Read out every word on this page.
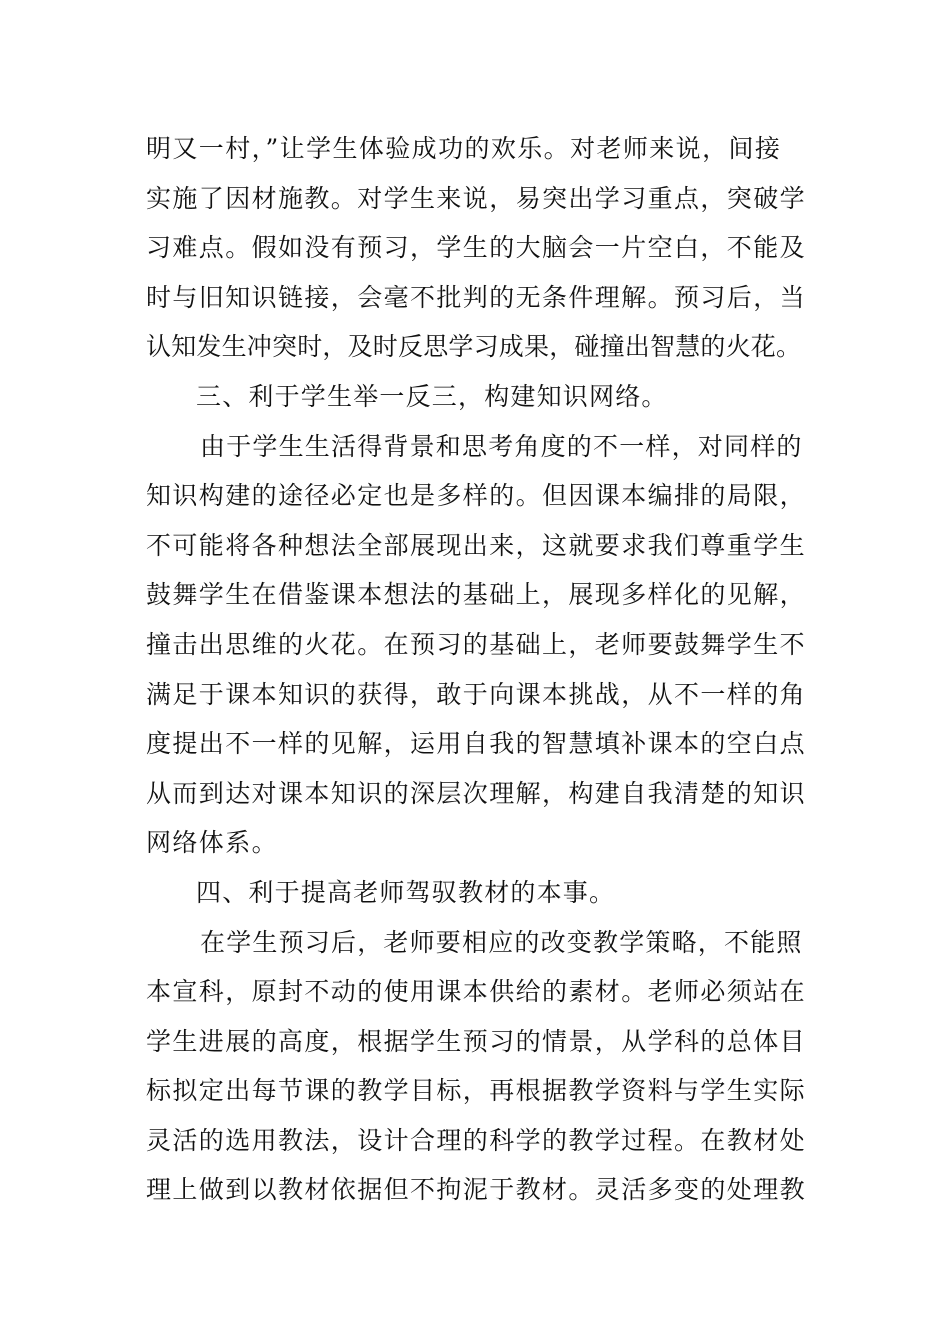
明又一村，”让学生体验成功的欢乐。对老师来说，间接
实施了因材施教。对学生来说，易突出学习重点，突破学
习难点。假如没有预习，学生的大脑会一片空白，不能及
时与旧知识链接，会毫不批判的无条件理解。预习后，当
认知发生冲突时，及时反思学习成果，碰撞出智慧的火花。
三、利于学生举一反三，构建知识网络。
由于学生生活得背景和思考角度的不一样，对同样的
知识构建的途径必定也是多样的。但因课本编排的局限，
不可能将各种想法全部展现出来，这就要求我们尊重学生
鼓舞学生在借鉴课本想法的基础上，展现多样化的见解，
撞击出思维的火花。在预习的基础上，老师要鼓舞学生不
满足于课本知识的获得，敢于向课本挑战，从不一样的角
度提出不一样的见解，运用自我的智慧填补课本的空白点
从而到达对课本知识的深层次理解，构建自我清楚的知识
网络体系。
四、利于提高老师驾驭教材的本事。
在学生预习后，老师要相应的改变教学策略，不能照
本宣科，原封不动的使用课本供给的素材。老师必须站在
学生进展的高度，根据学生预习的情景，从学科的总体目
标拟定出每节课的教学目标，再根据教学资料与学生实际
灵活的选用教法，设计合理的科学的教学过程。在教材处
理上做到以教材依据但不拘泥于教材。灵活多变的处理教
